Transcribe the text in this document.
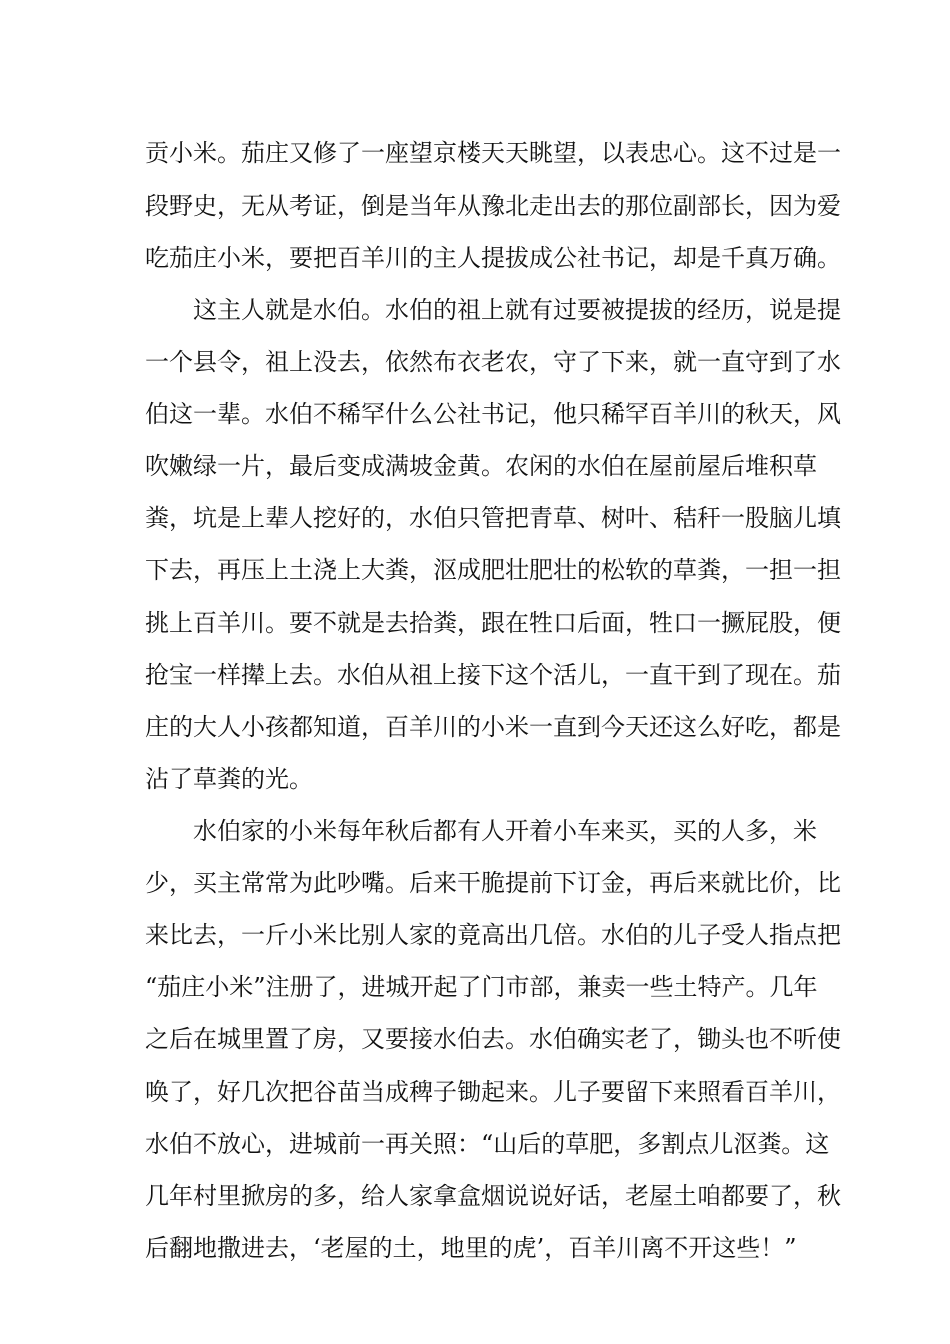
贡小米。茄庄又修了一座望京楼天天眺望，以表忠心。这不过是一
段野史，无从考证，倒是当年从豫北走出去的那位副部长，因为爱
吃茄庄小米，要把百羊川的主人提拔成公社书记，却是千真万确。
这主人就是水伯。水伯的祖上就有过要被提拔的经历，说是提
一个县令，祖上没去，依然布衣老农，守了下来，就一直守到了水
伯这一辈。水伯不稀罕什么公社书记，他只稀罕百羊川的秋天，风
吹嫩绿一片，最后变成满坡金黄。农闲的水伯在屋前屋后堆积草
粪，坑是上辈人挖好的，水伯只管把青草、树叶、秸秆一股脑儿填
下去，再压上土浇上大粪，沤成肥壮肥壮的松软的草粪，一担一担
挑上百羊川。要不就是去拾粪，跟在牲口后面，牲口一撅屁股，便
抢宝一样撵上去。水伯从祖上接下这个活儿，一直干到了现在。茄
庄的大人小孩都知道，百羊川的小米一直到今天还这么好吃，都是
沾了草粪的光。
水伯家的小米每年秋后都有人开着小车来买，买的人多，米
少，买主常常为此吵嘴。后来干脆提前下订金，再后来就比价，比
来比去，一斤小米比别人家的竟高出几倍。水伯的儿子受人指点把
“茄庄小米”注册了，进城开起了门市部，兼卖一些土特产。几年
之后在城里置了房，又要接水伯去。水伯确实老了，锄头也不听使
唤了，好几次把谷苗当成稗子锄起来。儿子要留下来照看百羊川，
水伯不放心，进城前一再关照：“山后的草肥，多割点儿沤粪。这
几年村里掀房的多，给人家拿盒烟说说好话，老屋土咱都要了，秋
后翻地撒进去，‘老屋的土，地里的虎’，百羊川离不开这些！”
